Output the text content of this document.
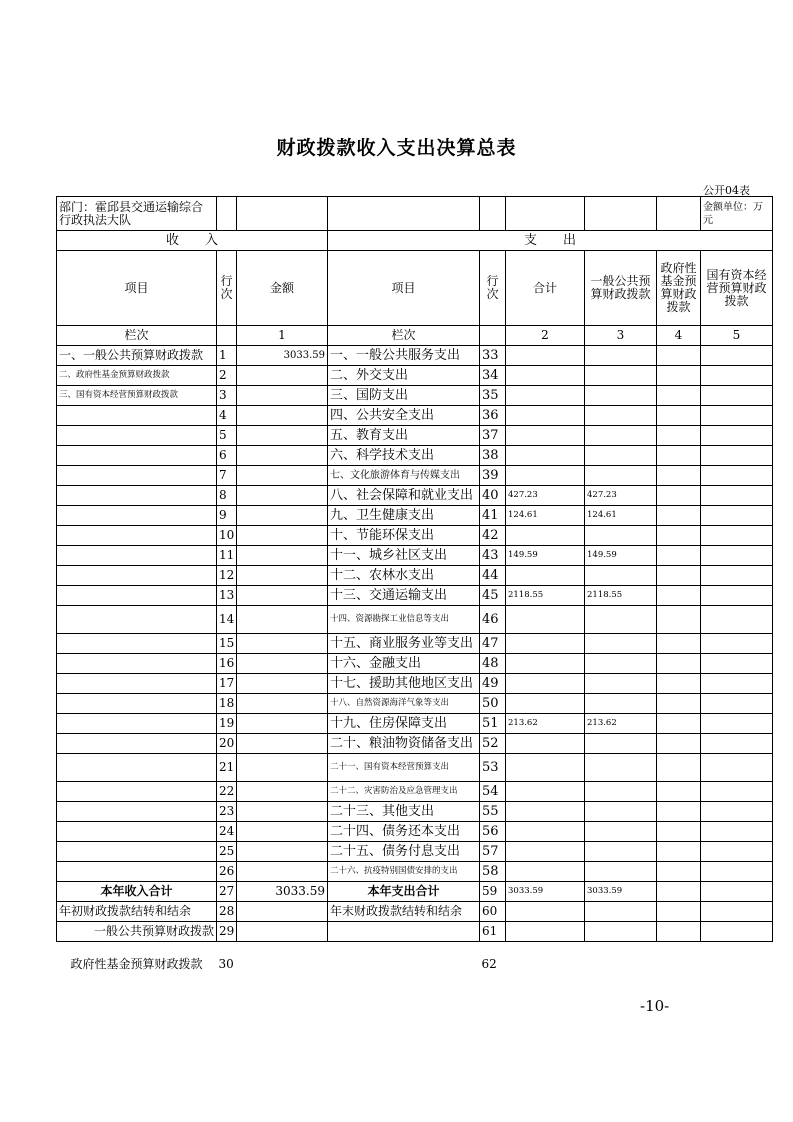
财政拨款收入支出决算总表
公开04表
部门：霍邱县交通运输综合行政执法大队								金额单位：万元
收　　入			支　　出					
项目	行次	金额	项目	行次	合计	一般公共预算财政拨款	政府性基金预算财政拨款	国有资本经营预算财政拨款
栏次		1	栏次		2	3	4	5
一、一般公共预算财政拨款	1	3033.59	一、一般公共服务支出	33				
二、政府性基金预算财政拨款	2		二、外交支出	34				
三、国有资本经营预算财政拨款	3		三、国防支出	35				
	4		四、公共安全支出	36				
	5		五、教育支出	37				
	6		六、科学技术支出	38				
	7		七、文化旅游体育与传媒支出	39				
	8		八、社会保障和就业支出	40	427.23	427.23		
	9		九、卫生健康支出	41	124.61	124.61		
	10		十、节能环保支出	42				
	11		十一、城乡社区支出	43	149.59	149.59		
	12		十二、农林水支出	44				
	13		十三、交通运输支出	45	2118.55	2118.55		
	14		十四、资源勘探工业信息等支出	46				
	15		十五、商业服务业等支出	47				
	16		十六、金融支出	48				
	17		十七、援助其他地区支出	49				
	18		十八、自然资源海洋气象等支出	50				
	19		十九、住房保障支出	51	213.62	213.62		
	20		二十、粮油物资储备支出	52				
	21		二十一、国有资本经营预算支出	53				
	22		二十二、灾害防治及应急管理支出	54				
	23		二十三、其他支出	55				
	24		二十四、债务还本支出	56				
	25		二十五、债务付息支出	57				
	26		二十六、抗疫特别国债安排的支出	58				
本年收入合计	27	3033.59	本年支出合计	59	3033.59	3033.59		
年初财政拨款结转和结余	28		年末财政拨款结转和结余	60				
一般公共预算财政拨款	29			61				
政府性基金预算财政拨款	30			62				
-10-
